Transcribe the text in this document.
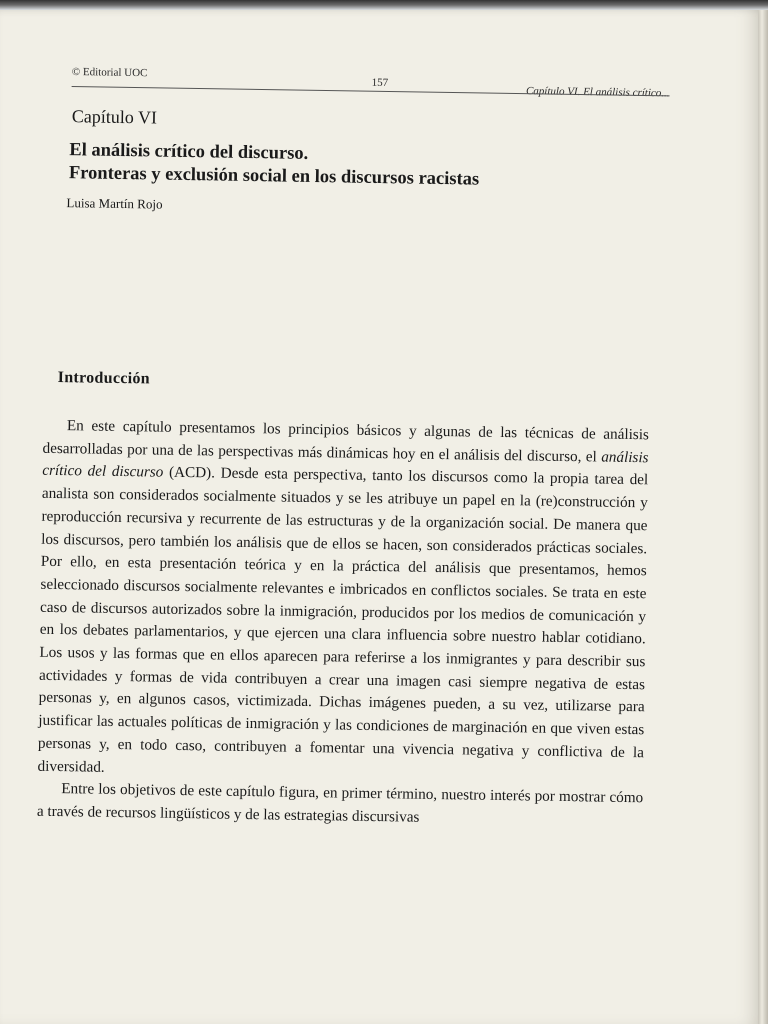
© Editorial UOC
157
Capítulo VI. El análisis crítico...
Capítulo VI
El análisis crítico del discurso.
Fronteras y exclusión social en los discursos racistas
Luisa Martín Rojo
Introducción

En este capítulo presentamos los principios básicos y algunas de las técnicas de análisis desarrolladas por una de las perspectivas más dinámicas hoy en el análisis del discurso, el análisis crítico del discurso (ACD). Desde esta perspectiva, tanto los discursos como la propia tarea del analista son considerados socialmente situados y se les atribuye un papel en la (re)construcción y reproducción recursiva y recurrente de las estructuras y de la organización social. De manera que los discursos, pero también los análisis que de ellos se hacen, son considerados prácticas sociales. Por ello, en esta presentación teórica y en la práctica del análisis que presentamos, hemos seleccionado discursos socialmente relevantes e imbricados en conflictos sociales. Se trata en este caso de discursos autorizados sobre la inmigración, producidos por los medios de comunicación y en los debates parlamentarios, y que ejercen una clara influencia sobre nuestro hablar cotidiano. Los usos y las formas que en ellos aparecen para referirse a los inmigrantes y para describir sus actividades y formas de vida contribuyen a crear una imagen casi siempre negativa de estas personas y, en algunos casos, victimizada. Dichas imágenes pueden, a su vez, utilizarse para justificar las actuales políticas de inmigración y las condiciones de marginación en que viven estas personas y, en todo caso, contribuyen a fomentar una vivencia negativa y conflictiva de la diversidad.

Entre los objetivos de este capítulo figura, en primer término, nuestro interés por mostrar cómo a través de recursos lingüísticos y de las estrategias discursivas
